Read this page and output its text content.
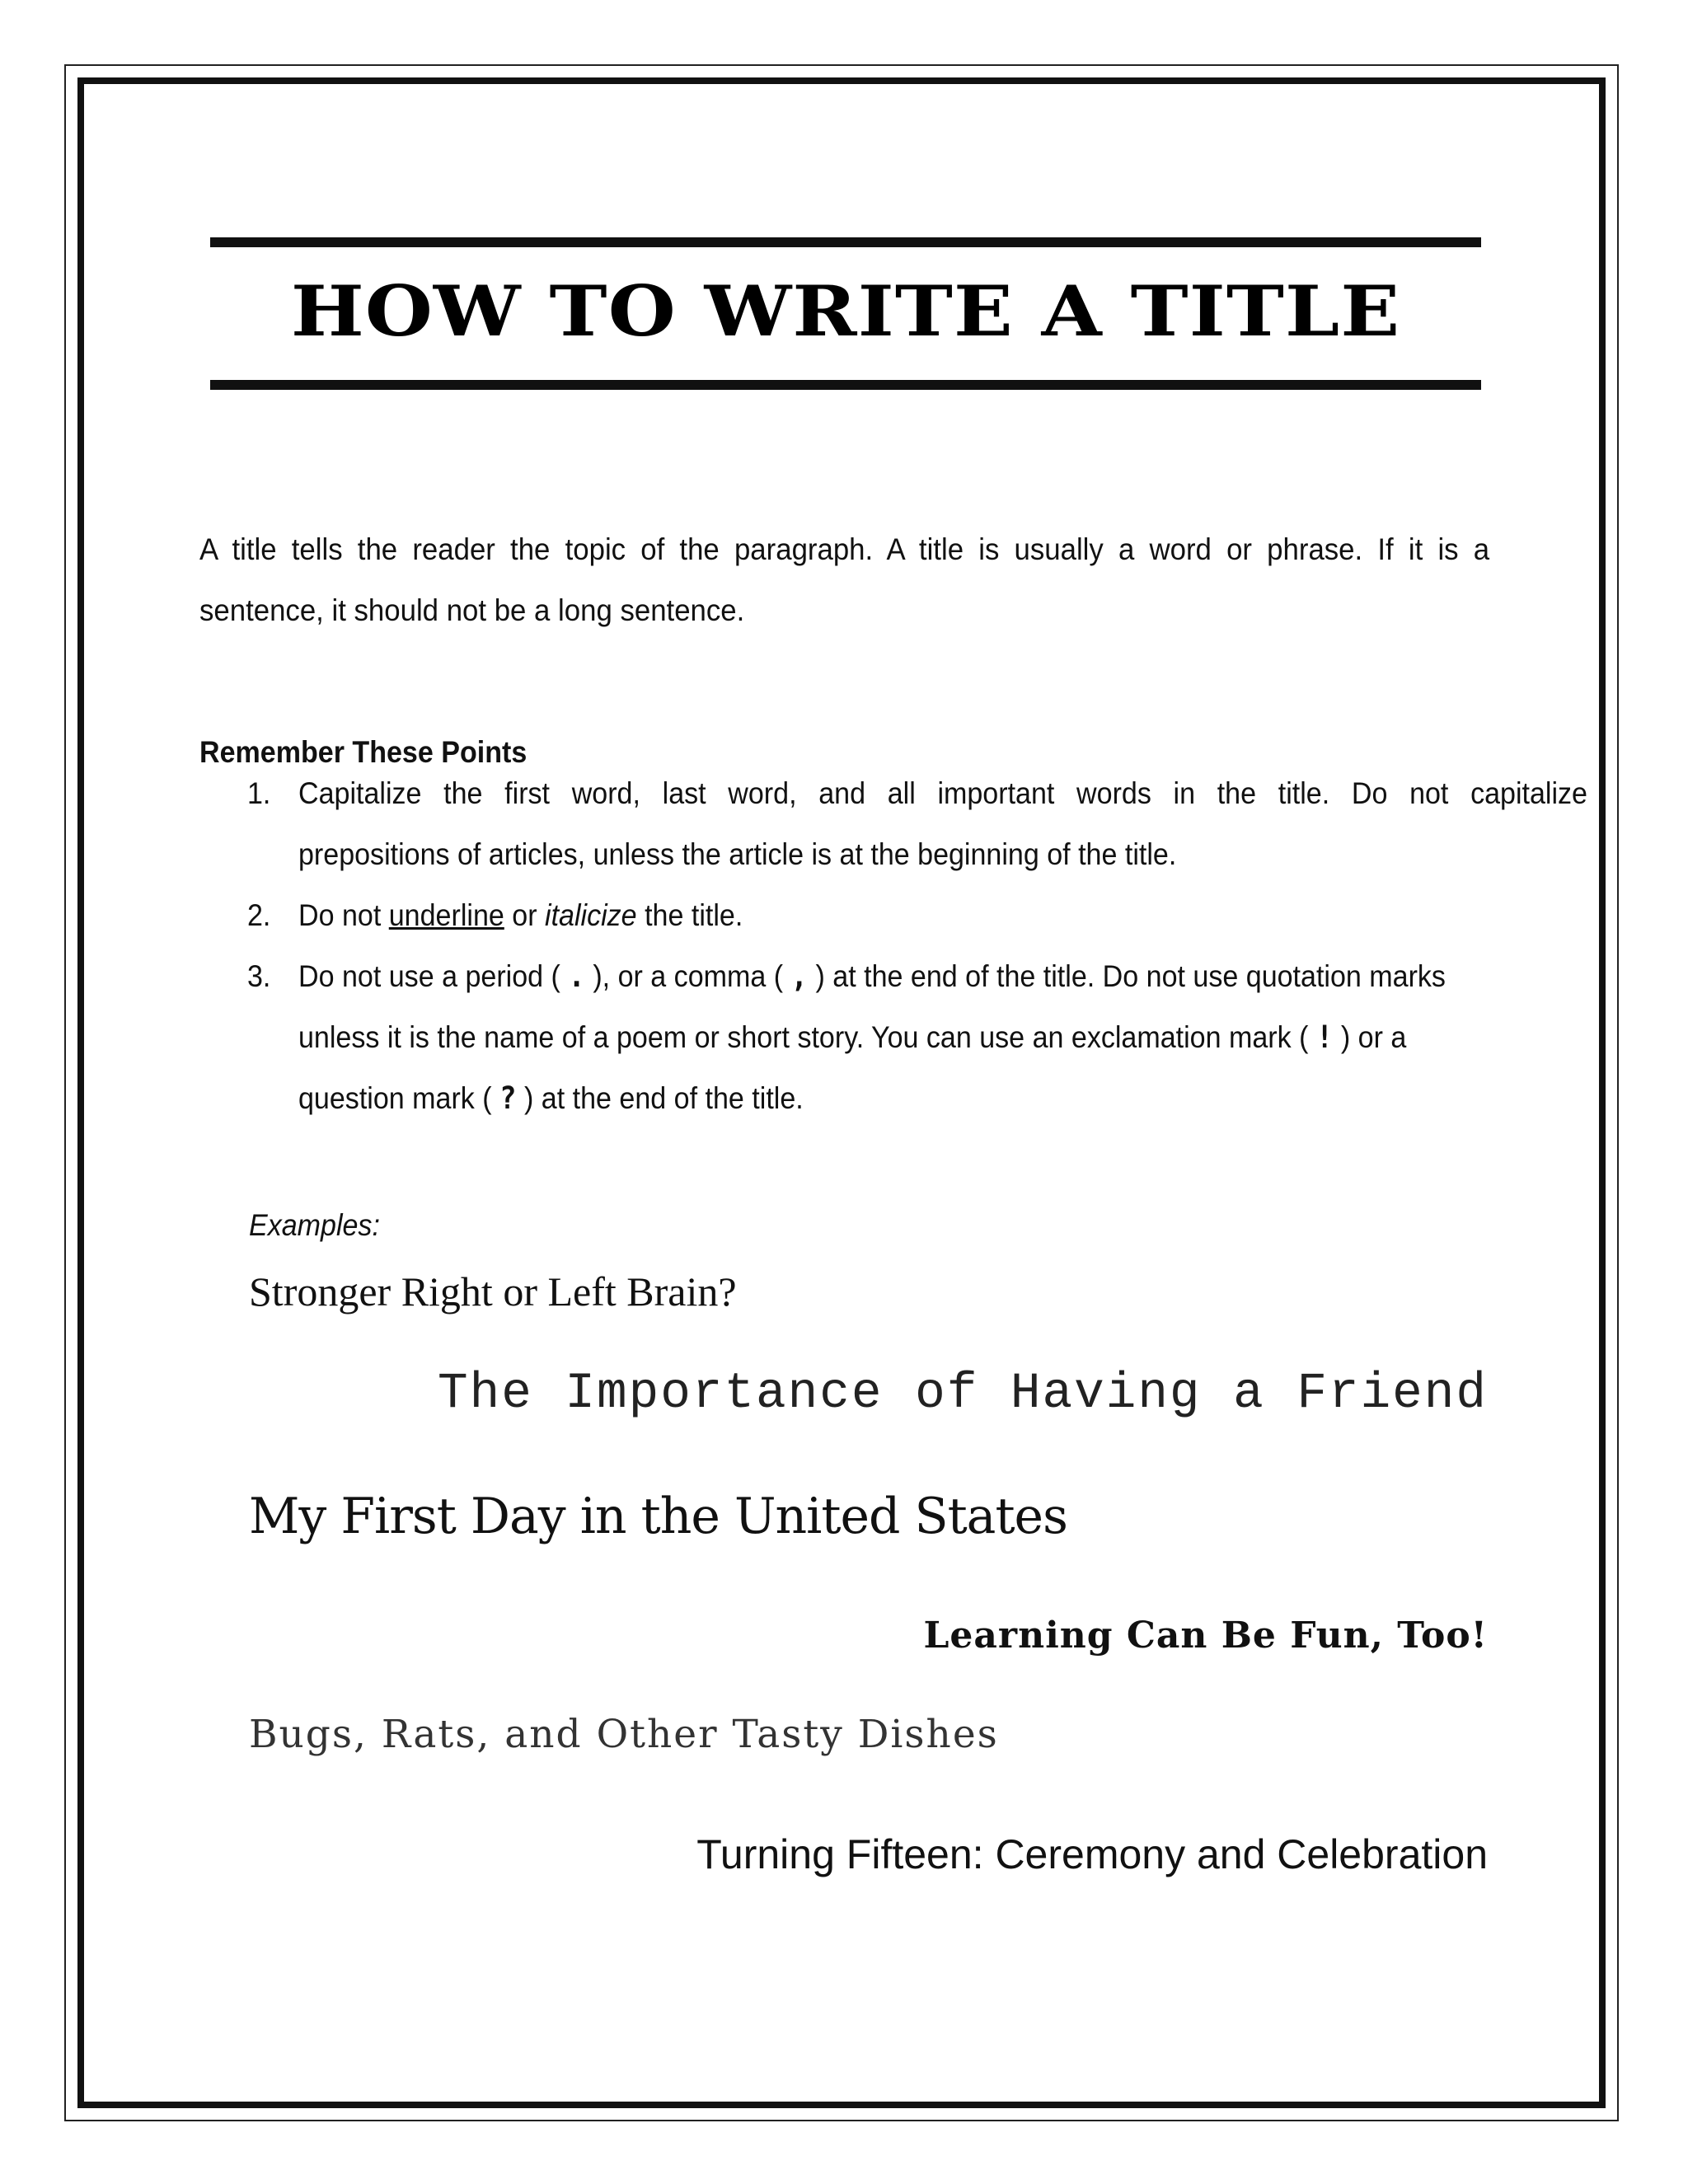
HOW TO WRITE A TITLE

A title tells the reader the topic of the paragraph. A title is usually a word or phrase. If it is a

sentence, it should not be a long sentence.

Remember These Points
1. Capitalize the first word, last word, and all important words in the title. Do not capitalize
prepositions of articles, unless the article is at the beginning of the title.
2. Do not underline or italicize the title.
3. Do not use a period ( . ), or a comma ( , ) at the end of the title. Do not use quotation marks
unless it is the name of a poem or short story. You can use an exclamation mark ( ! ) or a
question mark ( ? ) at the end of the title.

Examples:

Stronger Right or Left Brain?

The Importance of Having a Friend

My First Day in the United States

Learning Can Be Fun, Too!

Bugs, Rats, and Other Tasty Dishes

Turning Fifteen: Ceremony and Celebration
